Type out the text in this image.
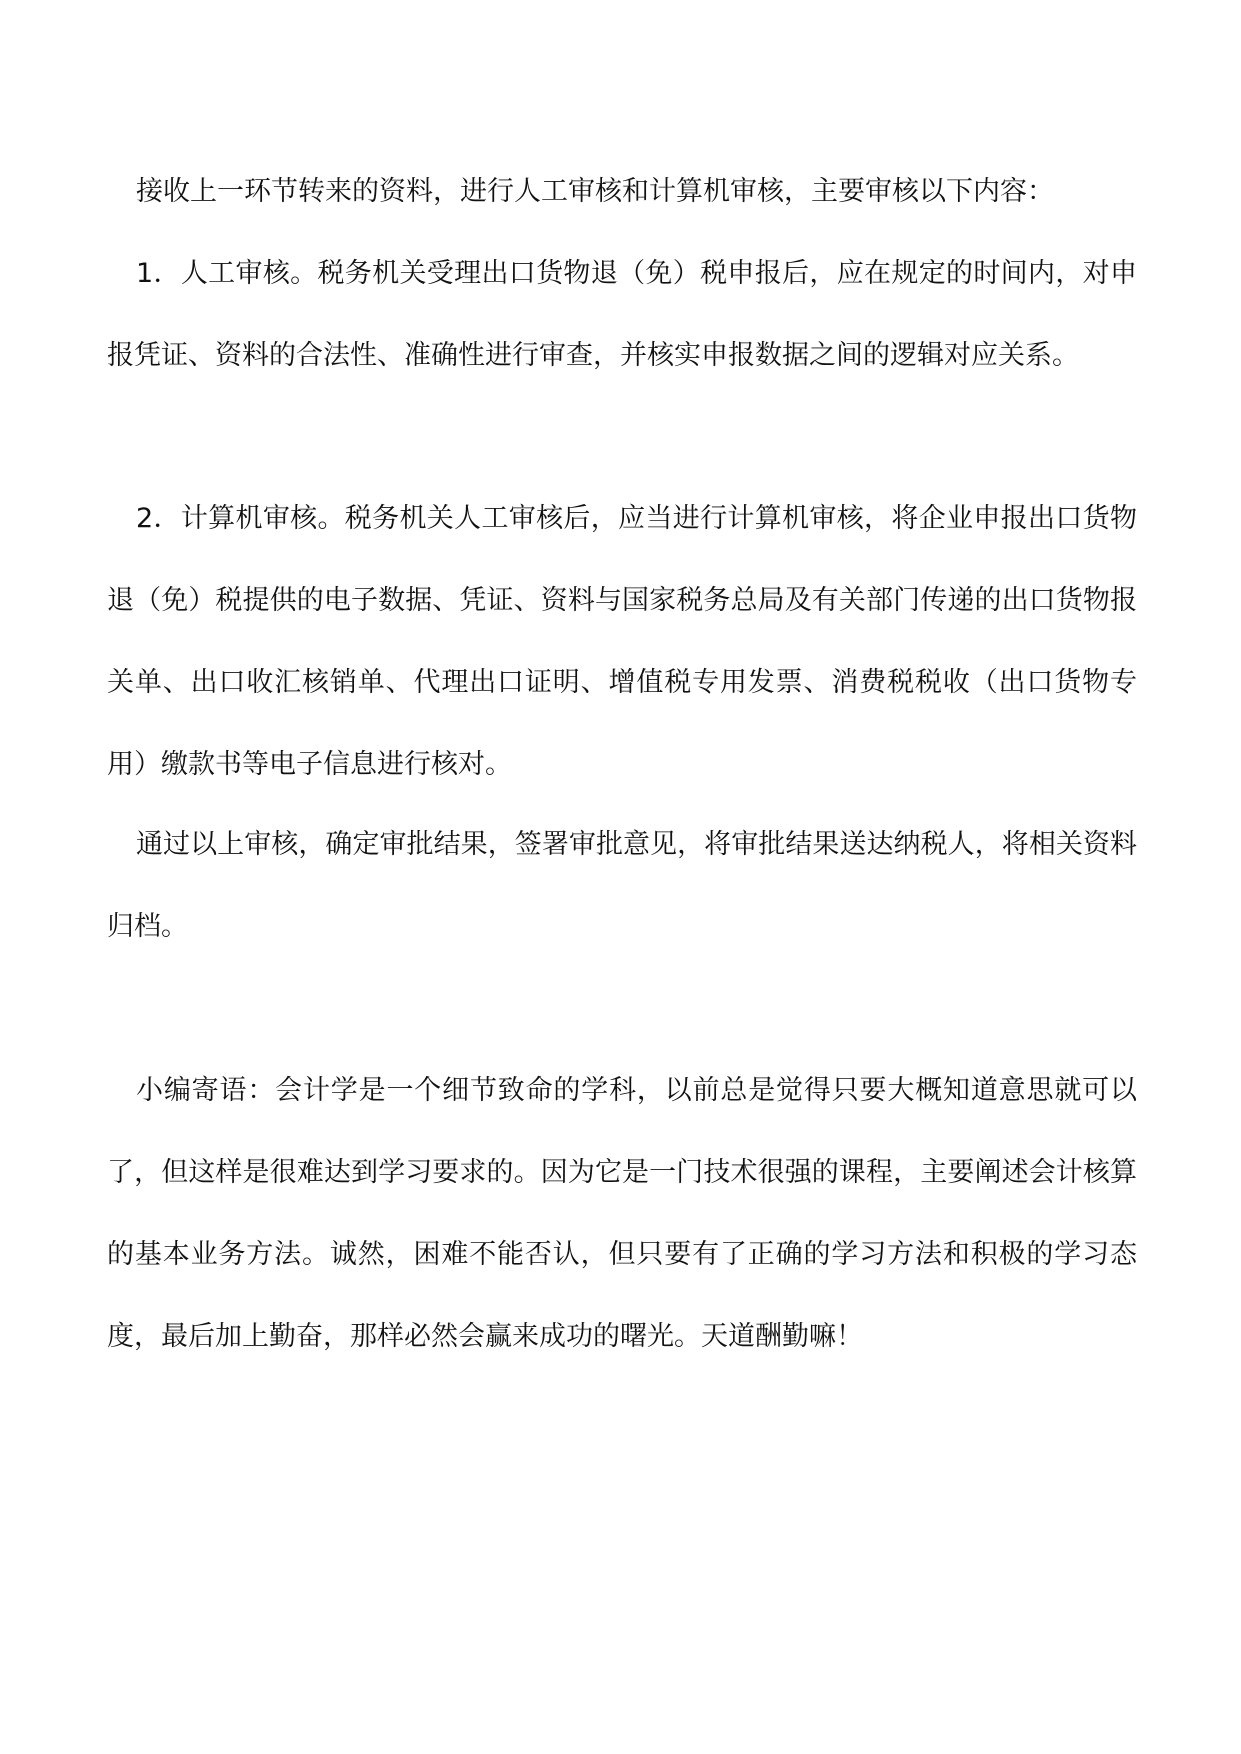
接收上一环节转来的资料，进行人工审核和计算机审核，主要审核以下内容：

1．人工审核。税务机关受理出口货物退（免）税申报后，应在规定的时间内，对申报凭证、资料的合法性、准确性进行审查，并核实申报数据之间的逻辑对应关系。

2．计算机审核。税务机关人工审核后，应当进行计算机审核，将企业申报出口货物退（免）税提供的电子数据、凭证、资料与国家税务总局及有关部门传递的出口货物报关单、出口收汇核销单、代理出口证明、增值税专用发票、消费税税收（出口货物专用）缴款书等电子信息进行核对。

通过以上审核，确定审批结果，签署审批意见，将审批结果送达纳税人，将相关资料归档。

小编寄语：会计学是一个细节致命的学科，以前总是觉得只要大概知道意思就可以了，但这样是很难达到学习要求的。因为它是一门技术很强的课程，主要阐述会计核算的基本业务方法。诚然，困难不能否认，但只要有了正确的学习方法和积极的学习态度，最后加上勤奋，那样必然会赢来成功的曙光。天道酬勤嘛！
